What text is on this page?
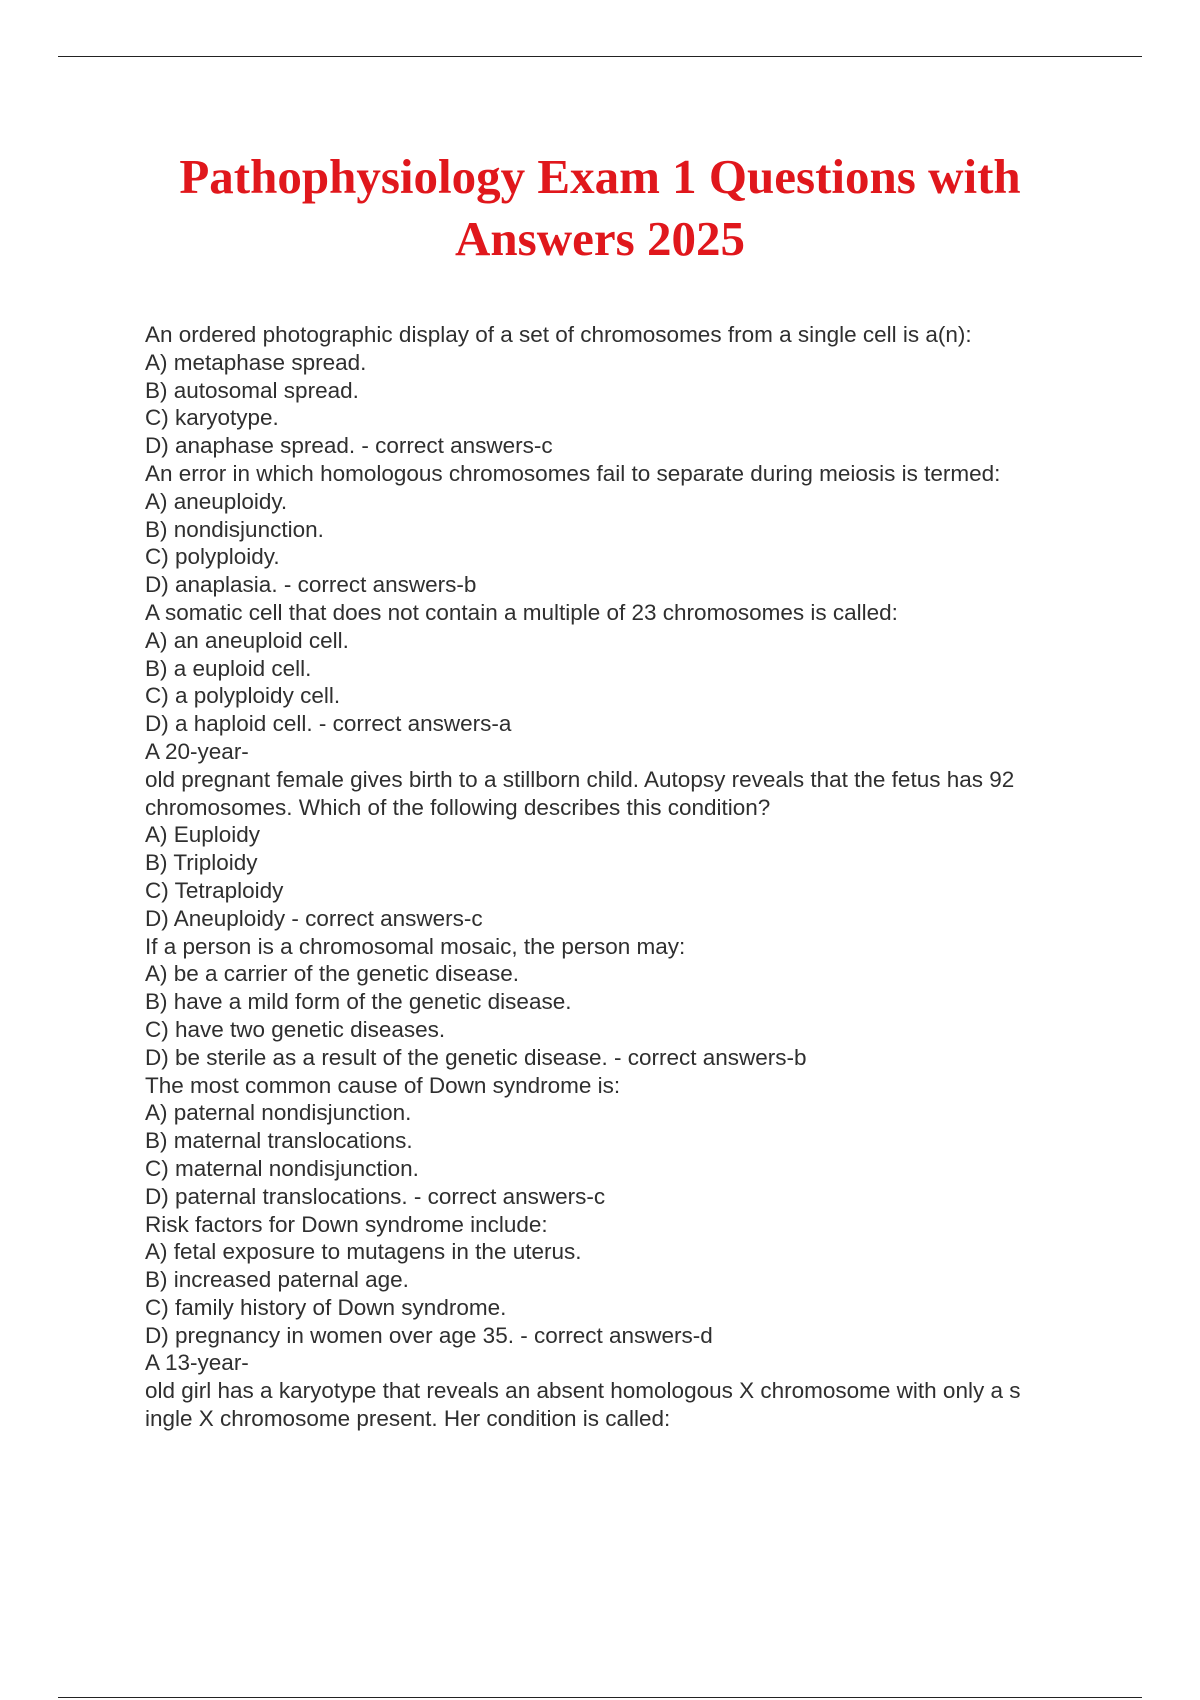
Pathophysiology Exam 1 Questions with
Answers 2025
An ordered photographic display of a set of chromosomes from a single cell is a(n):
A) metaphase spread.
B) autosomal spread.
C) karyotype.
D) anaphase spread. - correct answers-c
An error in which homologous chromosomes fail to separate during meiosis is termed:
A) aneuploidy.
B) nondisjunction.
C) polyploidy.
D) anaplasia. - correct answers-b
A somatic cell that does not contain a multiple of 23 chromosomes is called:
A) an aneuploid cell.
B) a euploid cell.
C) a polyploidy cell.
D) a haploid cell. - correct answers-a
A 20-year-
old pregnant female gives birth to a stillborn child. Autopsy reveals that the fetus has 92
chromosomes. Which of the following describes this condition?
A) Euploidy
B) Triploidy
C) Tetraploidy
D) Aneuploidy - correct answers-c
If a person is a chromosomal mosaic, the person may:
A) be a carrier of the genetic disease.
B) have a mild form of the genetic disease.
C) have two genetic diseases.
D) be sterile as a result of the genetic disease. - correct answers-b
The most common cause of Down syndrome is:
A) paternal nondisjunction.
B) maternal translocations.
C) maternal nondisjunction.
D) paternal translocations. - correct answers-c
Risk factors for Down syndrome include:
A) fetal exposure to mutagens in the uterus.
B) increased paternal age.
C) family history of Down syndrome.
D) pregnancy in women over age 35. - correct answers-d
A 13-year-
old girl has a karyotype that reveals an absent homologous X chromosome with only a s
ingle X chromosome present. Her condition is called:
